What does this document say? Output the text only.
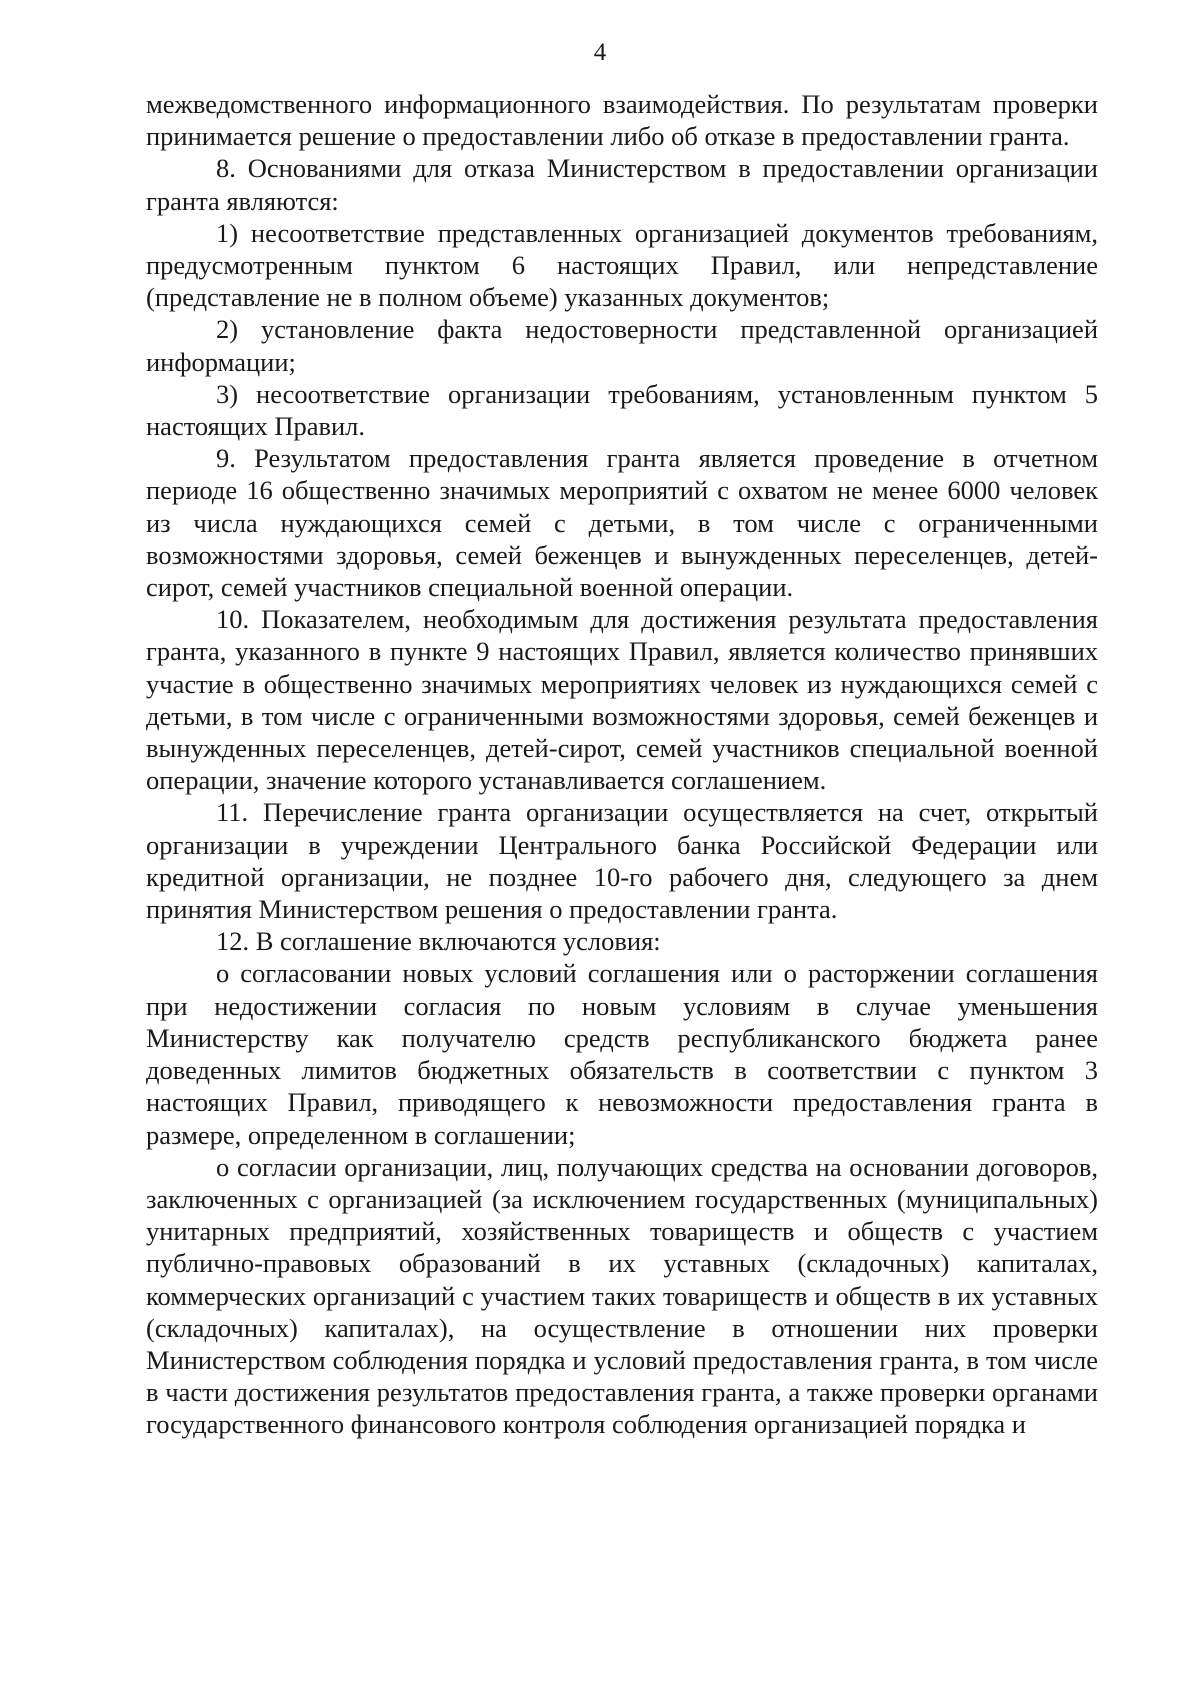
4

межведомственного информационного взаимодействия. По результатам проверки принимается решение о предоставлении либо об отказе в предоставлении гранта.

8. Основаниями для отказа Министерством в предоставлении организации гранта являются:

1) несоответствие представленных организацией документов требованиям, предусмотренным пунктом 6 настоящих Правил, или непредставление (представление не в полном объеме) указанных документов;

2) установление факта недостоверности представленной организацией информации;

3) несоответствие организации требованиям, установленным пунктом 5 настоящих Правил.

9. Результатом предоставления гранта является проведение в отчетном периоде 16 общественно значимых мероприятий с охватом не менее 6000 человек из числа нуждающихся семей с детьми, в том числе с ограниченными возможностями здоровья, семей беженцев и вынужденных переселенцев, детей-сирот, семей участников специальной военной операции.

10. Показателем, необходимым для достижения результата предоставления гранта, указанного в пункте 9 настоящих Правил, является количество принявших участие в общественно значимых мероприятиях человек из нуждающихся семей с детьми, в том числе с ограниченными возможностями здоровья, семей беженцев и вынужденных переселенцев, детей-сирот, семей участников специальной военной операции, значение которого устанавливается соглашением.

11. Перечисление гранта организации осуществляется на счет, открытый организации в учреждении Центрального банка Российской Федерации или кредитной организации, не позднее 10-го рабочего дня, следующего за днем принятия Министерством решения о предоставлении гранта.

12. В соглашение включаются условия:

о согласовании новых условий соглашения или о расторжении соглашения при недостижении согласия по новым условиям в случае уменьшения Министерству как получателю средств республиканского бюджета ранее доведенных лимитов бюджетных обязательств в соответствии с пунктом 3 настоящих Правил, приводящего к невозможности предоставления гранта в размере, определенном в соглашении;

о согласии организации, лиц, получающих средства на основании договоров, заключенных с организацией (за исключением государственных (муниципальных) унитарных предприятий, хозяйственных товариществ и обществ с участием публично-правовых образований в их уставных (складочных) капиталах, коммерческих организаций с участием таких товариществ и обществ в их уставных (складочных) капиталах), на осуществление в отношении них проверки Министерством соблюдения порядка и условий предоставления гранта, в том числе в части достижения результатов предоставления гранта, а также проверки органами государственного финансового контроля соблюдения организацией порядка и
